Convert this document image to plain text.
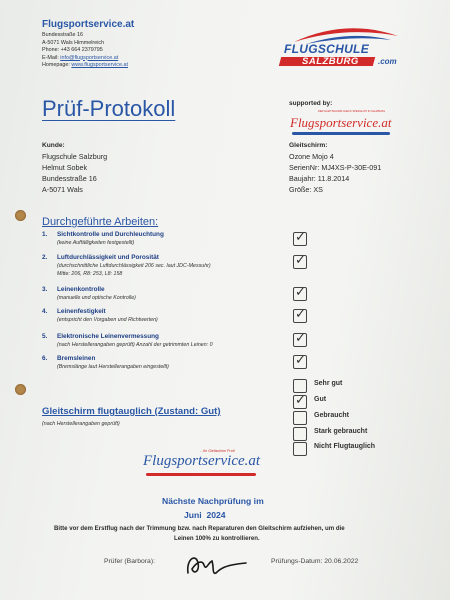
Flugsportservice.at
Bundesstraße 16
A-5071 Wals Himmelreich
Phone: +43 664 2379795
E-Mail: info@flugsportservice.at
Homepage: www.flugsportservice.at
FLUGSCHULE
SALZBURG .com
Prüf-Protokoll	supported by:
DER GLEITSCHIRM CHECK SPEZIALIST IN SALZBURG
Flugsportservice.at
Kunde:
Flugschule Salzburg
Helmut Sobek
Bundesstraße 16
A-5071 Wals
Gleitschirm:
Ozone Mojo 4
SerienNr: MJ4XS-P-30E-091
Baujahr: 11.8.2014
Größe: XS
Durchgeführte Arbeiten:
1. Sichtkontrolle und Durchleuchtung
(keine Auffälligkeiten festgestellt)	✓
2. Luftdurchlässigkeit und Porosität
(durchschnittliche Luftdurchlässigkeit 206 sec. laut JDC-Messuhr)
Mitte: 206, R8: 253, L8: 158
✓
3. Leinenkontrolle
(manuelle und optische Kontrolle)	✓
4. Leinenfestigkeit
(entspricht den Vorgaben und Richtwerten)	✓
5. Elektronische Leinenvermessung
(nach Herstellerangaben geprüft) Anzahl der getrimmten Leinen: 0	✓
6. Bremsleinen
(Bremslänge laut Herstellerangaben eingestellt)	✓
Sehr gut
✓ Gut
Gebraucht
Stark gebraucht
Nicht Flugtauglich
Gleitschirm flugtauglich (Zustand: Gut)
(nach Herstellerangaben geprüft)
...Ihr Gleitschirm Profi
Flugsportservice.at
Nächste Nachprüfung im
Juni  2024
Bitte vor dem Erstflug nach der Trimmung bzw. nach Reparaturen den Gleitschirm aufziehen, um die
Leinen 100% zu kontrollieren.
Prüfer (Barbora):	Prüfungs-Datum: 20.06.2022
